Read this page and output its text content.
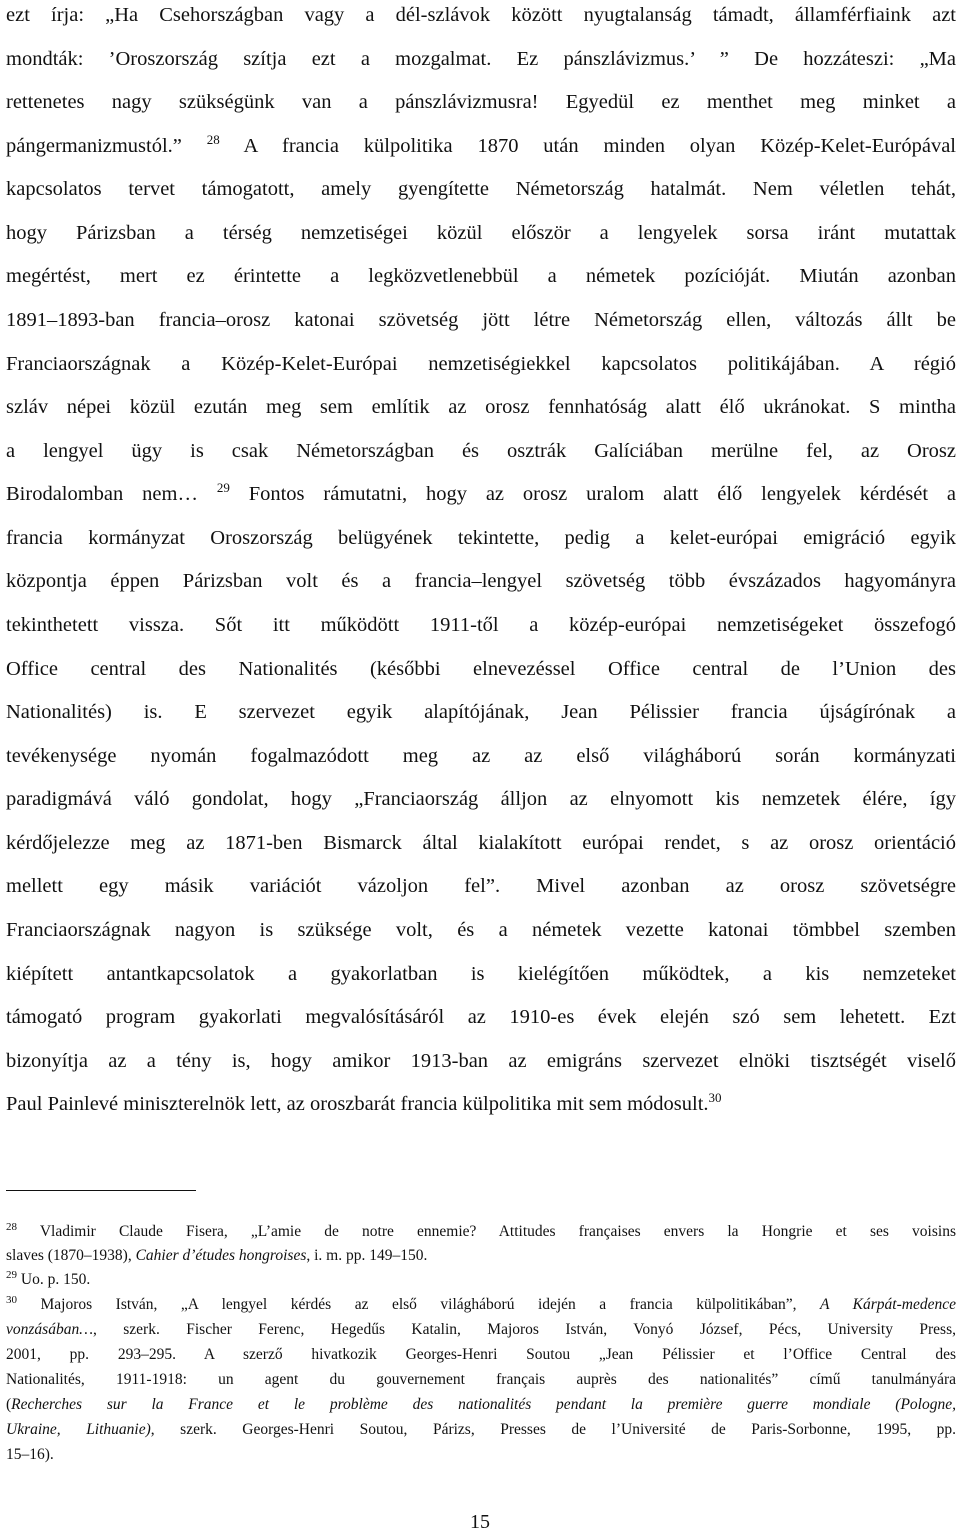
ezt írja: „Ha Csehországban vagy a dél-szlávok között nyugtalanság támadt, államférfiaink azt
mondták: ’Oroszország szítja ezt a mozgalmat. Ez pánszlávizmus.’ ” De hozzáteszi: „Ma
rettenetes nagy szükségünk van a pánszlávizmusra! Egyedül ez menthet meg minket a
pángermanizmustól.” $^{28}$ A francia külpolitika 1870 után minden olyan Közép-Kelet-Európával
kapcsolatos tervet támogatott, amely gyengítette Németország hatalmát. Nem véletlen tehát,
hogy Párizsban a térség nemzetiségei közül először a lengyelek sorsa iránt mutattak
megértést, mert ez érintette a legközvetlenebbül a németek pozícióját. Miután azonban
1891–1893-ban francia–orosz katonai szövetség jött létre Németország ellen, változás állt be
Franciaországnak a Közép-Kelet-Európai nemzetiségiekkel kapcsolatos politikájában. A régió
szláv népei közül ezután meg sem említik az orosz fennhatóság alatt élő ukránokat. S mintha
a lengyel ügy is csak Németországban és osztrák Galíciában merülne fel, az Orosz
Birodalomban nem… $^{29}$ Fontos rámutatni, hogy az orosz uralom alatt élő lengyelek kérdését a
francia kormányzat Oroszország belügyének tekintette, pedig a kelet-európai emigráció egyik
központja éppen Párizsban volt és a francia–lengyel szövetség több évszázados hagyományra
tekinthetett vissza. Sőt itt működött 1911-től a közép-európai nemzetiségeket összefogó
Office central des Nationalités (későbbi elnevezéssel Office central de l’Union des
Nationalités) is. E szervezet egyik alapítójának, Jean Pélissier francia újságírónak a
tevékenysége nyomán fogalmazódott meg az az első világháború során kormányzati
paradigmává váló gondolat, hogy „Franciaország álljon az elnyomott kis nemzetek élére, így
kérdőjelezze meg az 1871-ben Bismarck által kialakított európai rendet, s az orosz orientáció
mellett egy másik variációt vázoljon fel”. Mivel azonban az orosz szövetségre
Franciaországnak nagyon is szüksége volt, és a németek vezette katonai tömbbel szemben
kiépített antantkapcsolatok a gyakorlatban is kielégítően működtek, a kis nemzeteket
támogató program gyakorlati megvalósításáról az 1910-es évek elején szó sem lehetett. Ezt
bizonyítja az a tény is, hogy amikor 1913-ban az emigráns szervezet elnöki tisztségét viselő
Paul Painlevé miniszterelnök lett, az oroszbarát francia külpolitika mit sem módosult.$^{30}$
$^{28}$ Vladimir Claude Fisera, „L’amie de notre ennemie? Attitudes françaises envers la Hongrie et ses voisins
slaves (1870–1938), Cahier d’études hongroises, i. m. pp. 149–150.
$^{29}$ Uo. p. 150.
$^{30}$ Majoros István, „A lengyel kérdés az első világháború idején a francia külpolitikában”, A Kárpát-medence
vonzásában…, szerk. Fischer Ferenc, Hegedűs Katalin, Majoros István, Vonyó József, Pécs, University Press,
2001, pp. 293–295. A szerző hivatkozik Georges-Henri Soutou „Jean Pélissier et l’Office Central des
Nationalités, 1911-1918: un agent du gouvernement français auprès des nationalités” című tanulmányára
(Recherches sur la France et le problème des nationalités pendant la première guerre mondiale (Pologne,
Ukraine, Lithuanie), szerk. Georges-Henri Soutou, Párizs, Presses de l’Université de Paris-Sorbonne, 1995, pp.
15–16).
15
